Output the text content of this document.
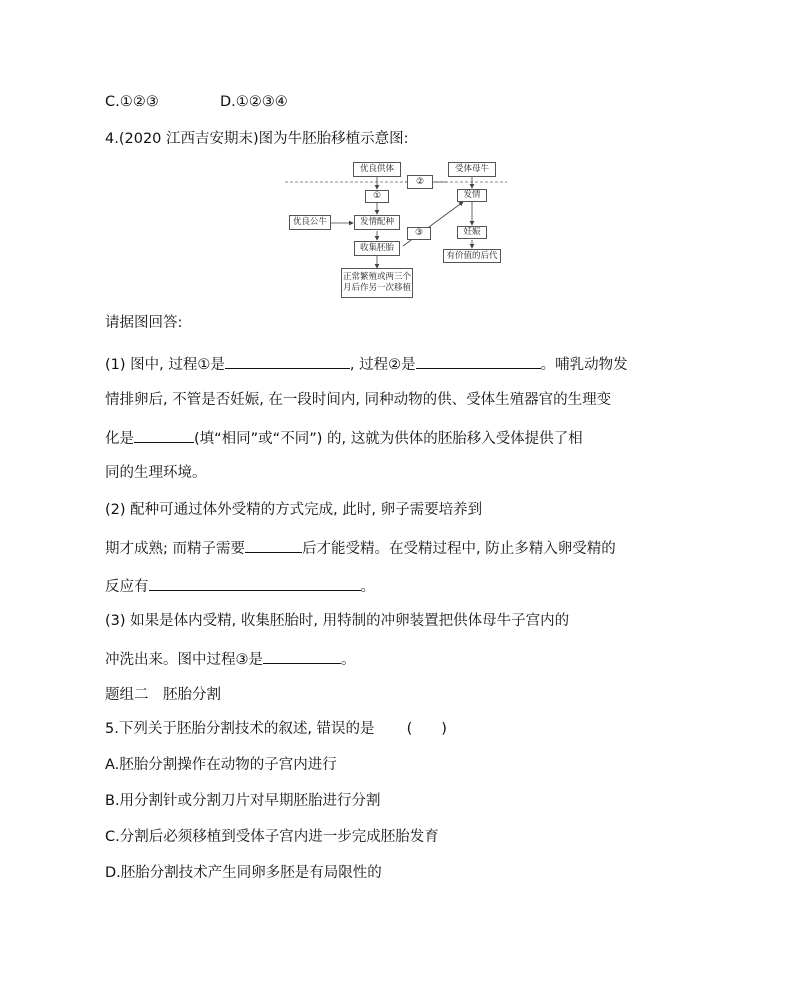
C.①②③	D.①②③④
4.(2020 江西吉安期末)图为牛胚胎移植示意图:
优良供体
②
受体母牛
①	发情
优良公牛	发情配种
③	妊娠
收集胚胎
有价值的后代
正常繁殖或两三个
月后作另一次移植
请据图回答:
(1) 图中, 过程①是	, 过程②是	。哺乳动物发
情排卵后, 不管是否妊娠, 在一段时间内, 同种动物的供、受体生殖器官的生理变
化是	(填“相同”或“不同”) 的, 这就为供体的胚胎移入受体提供了相
同的生理环境。
(2) 配种可通过体外受精的方式完成, 此时, 卵子需要培养到
期才成熟; 而精子需要	后才能受精。在受精过程中, 防止多精入卵受精的
反应有	。
(3) 如果是体内受精, 收集胚胎时, 用特制的冲卵装置把供体母牛子宫内的
冲洗出来。图中过程③是	。
题组二　胚胎分割
5.下列关于胚胎分割技术的叙述, 错误的是 (　　)
A.胚胎分割操作在动物的子宫内进行
B.用分割针或分割刀片对早期胚胎进行分割
C.分割后必须移植到受体子宫内进一步完成胚胎发育
D.胚胎分割技术产生同卵多胚是有局限性的
